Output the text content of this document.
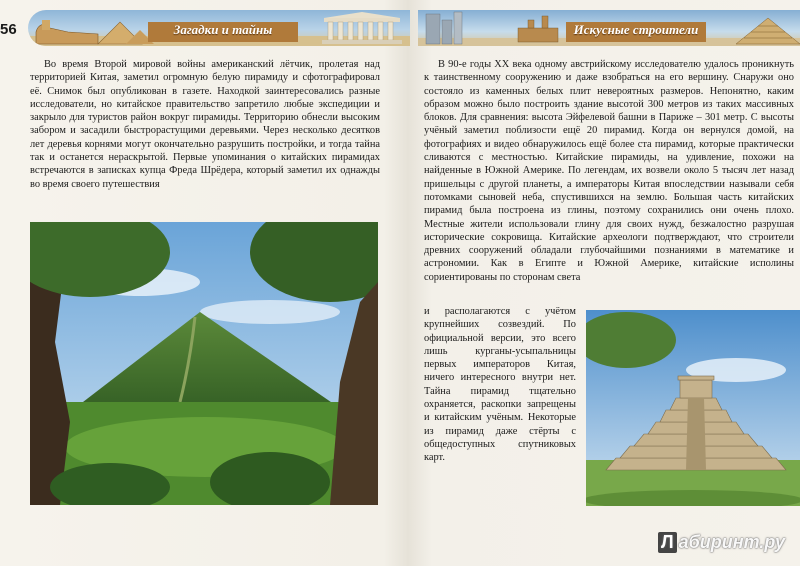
56	Загадки и тайны	Искусные строители

Во время Второй мировой войны американский лётчик, пролетая над территорией Китая, заметил огромную белую пирамиду и сфотографировал её. Снимок был опубликован в газете. Находкой заинтересовались разные исследователи, но китайское правительство запретило любые экспедиции и закрыло для туристов район вокруг пирамиды. Территорию обнесли высоким забором и засадили быстрорастущими деревьями. Через несколько десятков лет деревья корнями могут окончательно разрушить постройки, и тогда тайна так и останется нераскрытой. Первые упоминания о китайских пирамидах встречаются в записках купца Фреда Шрёдера, который заметил их однажды во время своего путешествия

В 90-е годы XX века одному австрийскому исследователю удалось проникнуть к таинственному сооружению и даже взобраться на его вершину. Снаружи оно состояло из каменных белых плит невероятных размеров. Непонятно, каким образом можно было построить здание высотой 300 метров из таких массивных блоков. Для сравнения: высота Эйфелевой башни в Париже – 301 метр. С высоты учёный заметил поблизости ещё 20 пирамид. Когда он вернулся домой, на фотографиях и видео обнаружилось ещё более ста пирамид, которые практически сливаются с местностью. Китайские пирамиды, на удивление, похожи на найденные в Южной Америке. По легендам, их возвели около 5 тысяч лет назад пришельцы с другой планеты, а императоры Китая впоследствии называли себя потомками сыновей неба, спустившихся на землю. Большая часть китайских пирамид была построена из глины, поэтому сохранились они очень плохо. Местные жители использовали глину для своих нужд, безжалостно разрушая исторические сокровища. Китайские археологи подтверждают, что строители древних сооружений обладали глубочайшими познаниями в математике и астрономии. Как в Египте и Южной Америке, китайские исполины сориентированы по сторонам света

и располагаются с учётом крупнейших созвездий. По официальной версии, это всего лишь курганы-усыпальницы первых императоров Китая, ничего интересного внутри нет. Тайна пирамид тщательно охраняется, раскопки запрещены и китайским учёным. Некоторые из пирамид даже стёрты с общедоступных спутниковых карт.

Л абиринт.ру
